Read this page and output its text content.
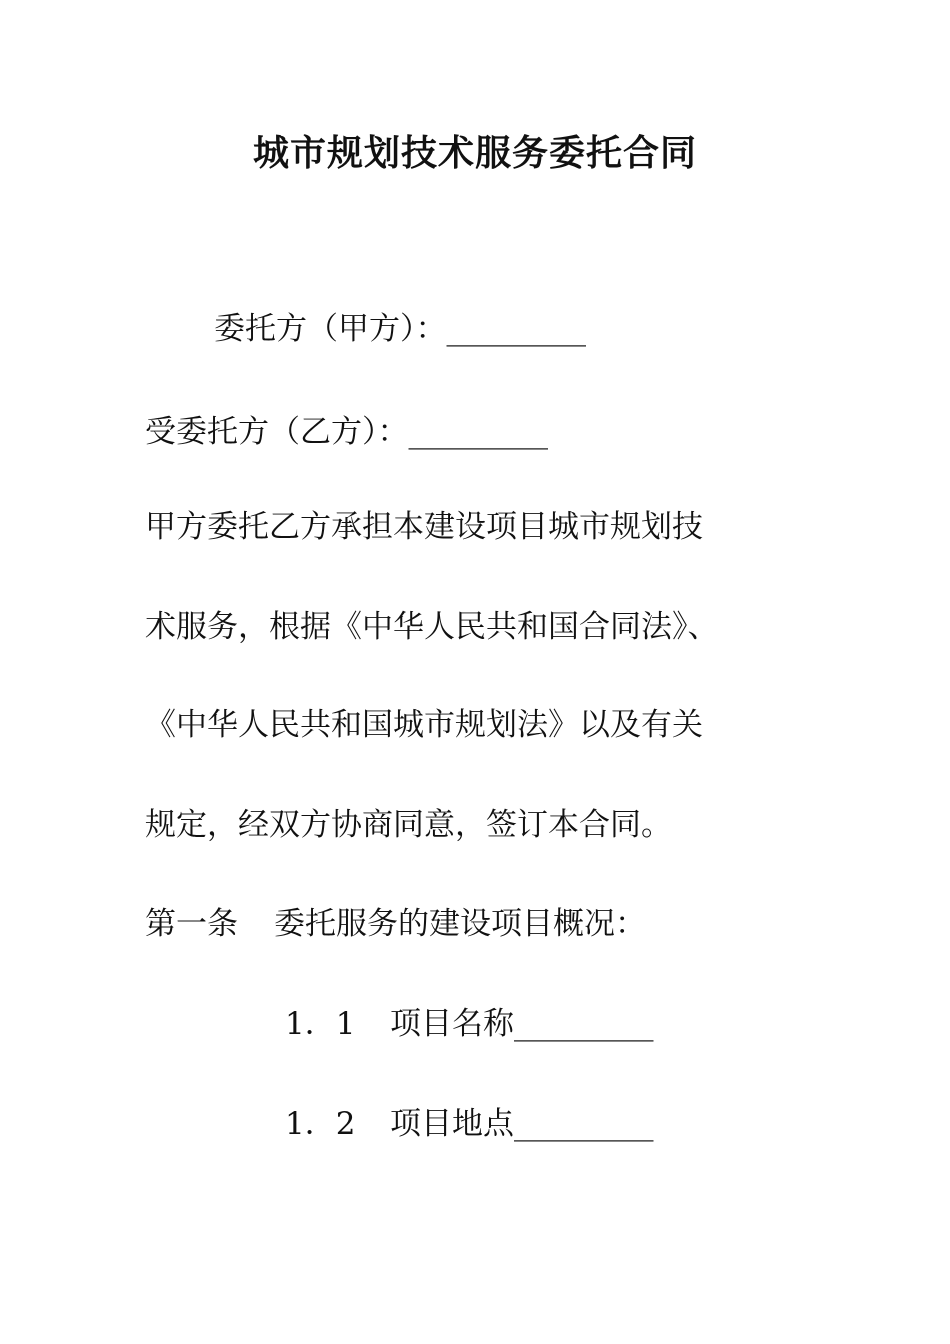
城市规划技术服务委托合同
委托方（甲方）：_________
受委托方（乙方）：_________
甲方委托乙方承担本建设项目城市规划技
术服务，根据《中华人民共和国合同法》、
《中华人民共和国城市规划法》以及有关
规定，经双方协商同意，签订本合同。
第一条 委托服务的建设项目概况：
1．1 项目名称_________
1．2 项目地点_________
